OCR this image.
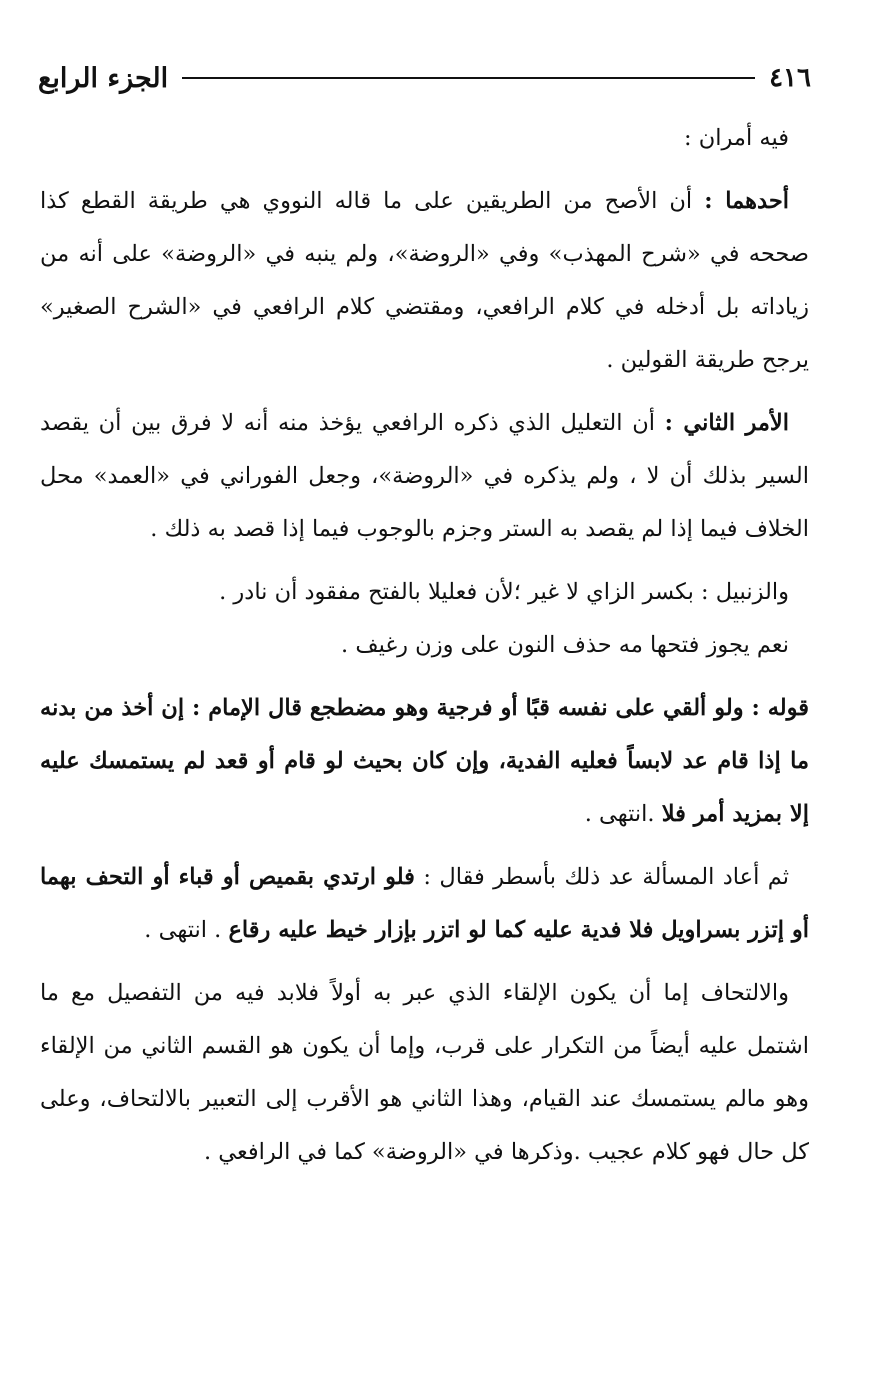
٤١٦
الجزء الرابع

فيه أمران :

أحدهما : أن الأصح من الطريقين على ما قاله النووي هي طريقة القطع كذا صححه في «شرح المهذب» وفي «الروضة»، ولم ينبه في «الروضة» على أنه من زياداته بل أدخله في كلام الرافعي، ومقتضي كلام الرافعي في «الشرح الصغير» يرجح طريقة القولين .

الأمر الثاني : أن التعليل الذي ذكره الرافعي يؤخذ منه أنه لا فرق بين أن يقصد السير بذلك أن لا ، ولم يذكره في «الروضة»، وجعل الفوراني في «العمد» محل الخلاف فيما إذا لم يقصد به الستر وجزم بالوجوب فيما إذا قصد به ذلك .

والزنبيل : بكسر الزاي لا غير ؛لأن فعليلا بالفتح مفقود أن نادر .

نعم يجوز فتحها مه حذف النون على وزن رغيف .

قوله : ولو ألقي على نفسه قبًا أو فرجية وهو مضطجع قال الإمام : إن أخذ من بدنه ما إذا قام عد لابساً فعليه الفدية، وإن كان بحيث لو قام أو قعد لم يستمسك عليه إلا بمزيد أمر فلا .انتهى .

ثم أعاد المسألة عد ذلك بأسطر فقال : فلو ارتدي بقميص أو قباء أو التحف بهما أو إتزر بسراويل فلا فدية عليه كما لو اتزر بإزار خيط عليه رقاع . انتهى .

والالتحاف إما أن يكون الإلقاء الذي عبر به أولاً فلابد فيه من التفصيل مع ما اشتمل عليه أيضاً من التكرار على قرب، وإما أن يكون هو القسم الثاني من الإلقاء وهو مالم يستمسك عند القيام، وهذا الثاني هو الأقرب إلى التعبير بالالتحاف، وعلى كل حال فهو كلام عجيب .وذكرها في «الروضة» كما في الرافعي .
